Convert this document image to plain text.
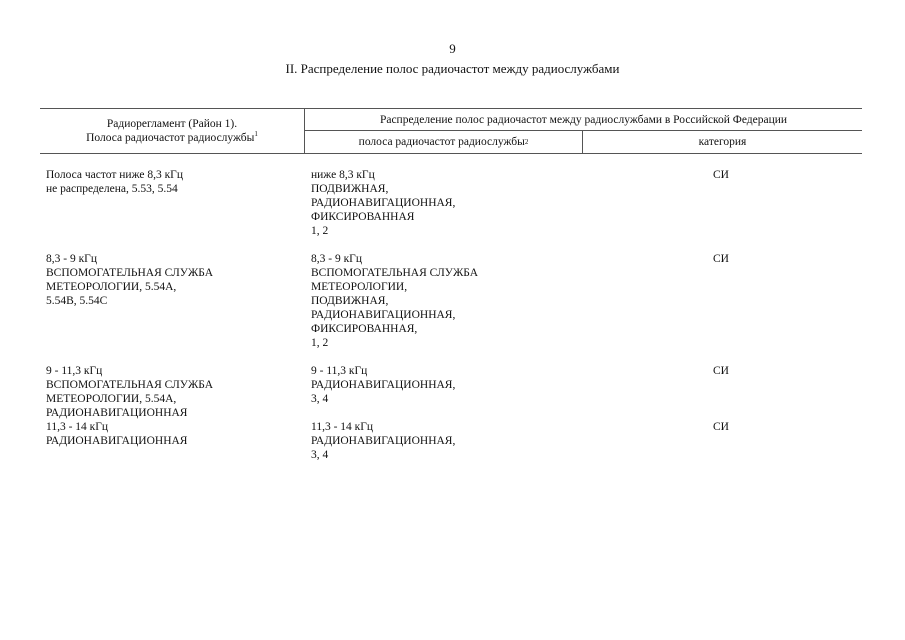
9
II. Распределение полос радиочастот между радиослужбами
Радиорегламент (Район 1).
Полоса радиочастот радиослужбы$^1$
Распределение полос радиочастот между радиослужбами в Российской Федерации
полоса радиочастот радиослужбы 2	категория
Полоса частот ниже 8,3 кГц
не распределена, 5.53, 5.54
ниже 8,3 кГц
ПОДВИЖНАЯ,
РАДИОНАВИГАЦИОННАЯ,
ФИКСИРОВАННАЯ
1, 2
СИ
8,3 - 9 кГц
ВСПОМОГАТЕЛЬНАЯ СЛУЖБА
МЕТЕОРОЛОГИИ, 5.54А,
5.54В, 5.54С
8,3 - 9 кГц
ВСПОМОГАТЕЛЬНАЯ СЛУЖБА
МЕТЕОРОЛОГИИ,
ПОДВИЖНАЯ,
РАДИОНАВИГАЦИОННАЯ,
ФИКСИРОВАННАЯ,
1, 2
СИ
9 - 11,3 кГц
ВСПОМОГАТЕЛЬНАЯ СЛУЖБА
МЕТЕОРОЛОГИИ, 5.54А,
РАДИОНАВИГАЦИОННАЯ
9 - 11,3 кГц
РАДИОНАВИГАЦИОННАЯ,
3, 4
СИ
11,3 - 14 кГц
РАДИОНАВИГАЦИОННАЯ
11,3 - 14 кГц
РАДИОНАВИГАЦИОННАЯ,
3, 4
СИ
